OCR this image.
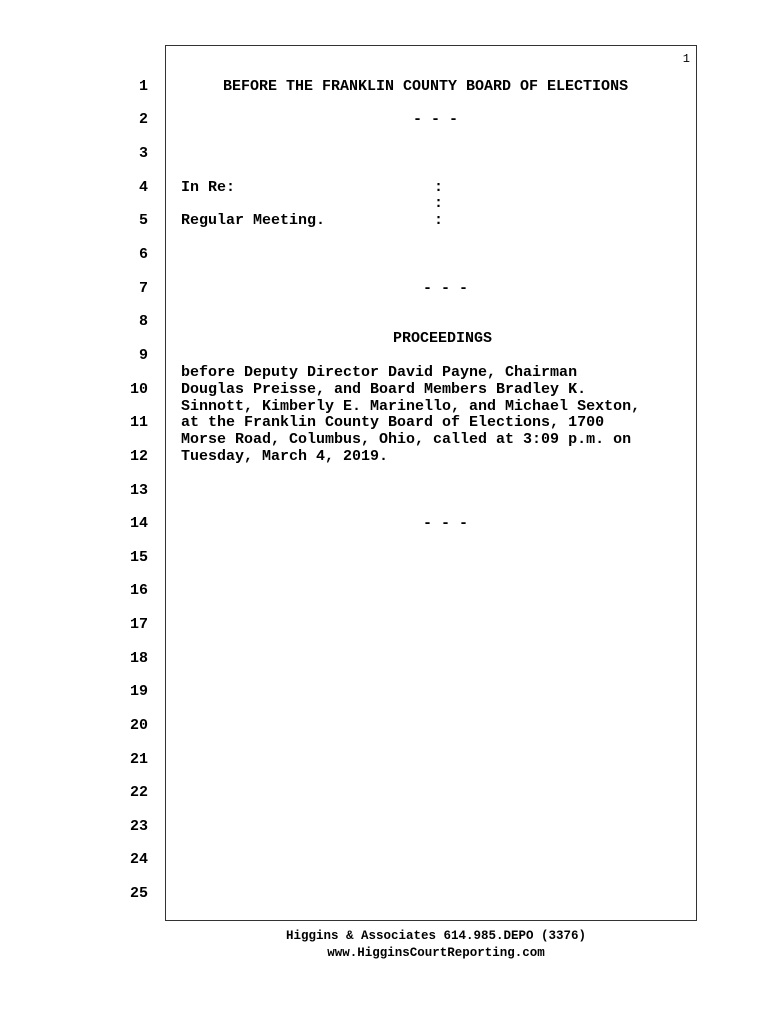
1
1
2
3
4
5
6
7
8
9
10
11
12
13
14
15
16
17
18
19
20
21
22
23
24
25
BEFORE THE FRANKLIN COUNTY BOARD OF ELECTIONS
- - -
In Re:	:
:
Regular Meeting.	:
- - -
PROCEEDINGS
before Deputy Director David Payne, Chairman
Douglas Preisse, and Board Members Bradley K.
Sinnott, Kimberly E. Marinello, and Michael Sexton,
at the Franklin County Board of Elections, 1700
Morse Road, Columbus, Ohio, called at 3:09 p.m. on
Tuesday, March 4, 2019.
- - -
Higgins & Associates 614.985.DEPO (3376)
www.HigginsCourtReporting.com
